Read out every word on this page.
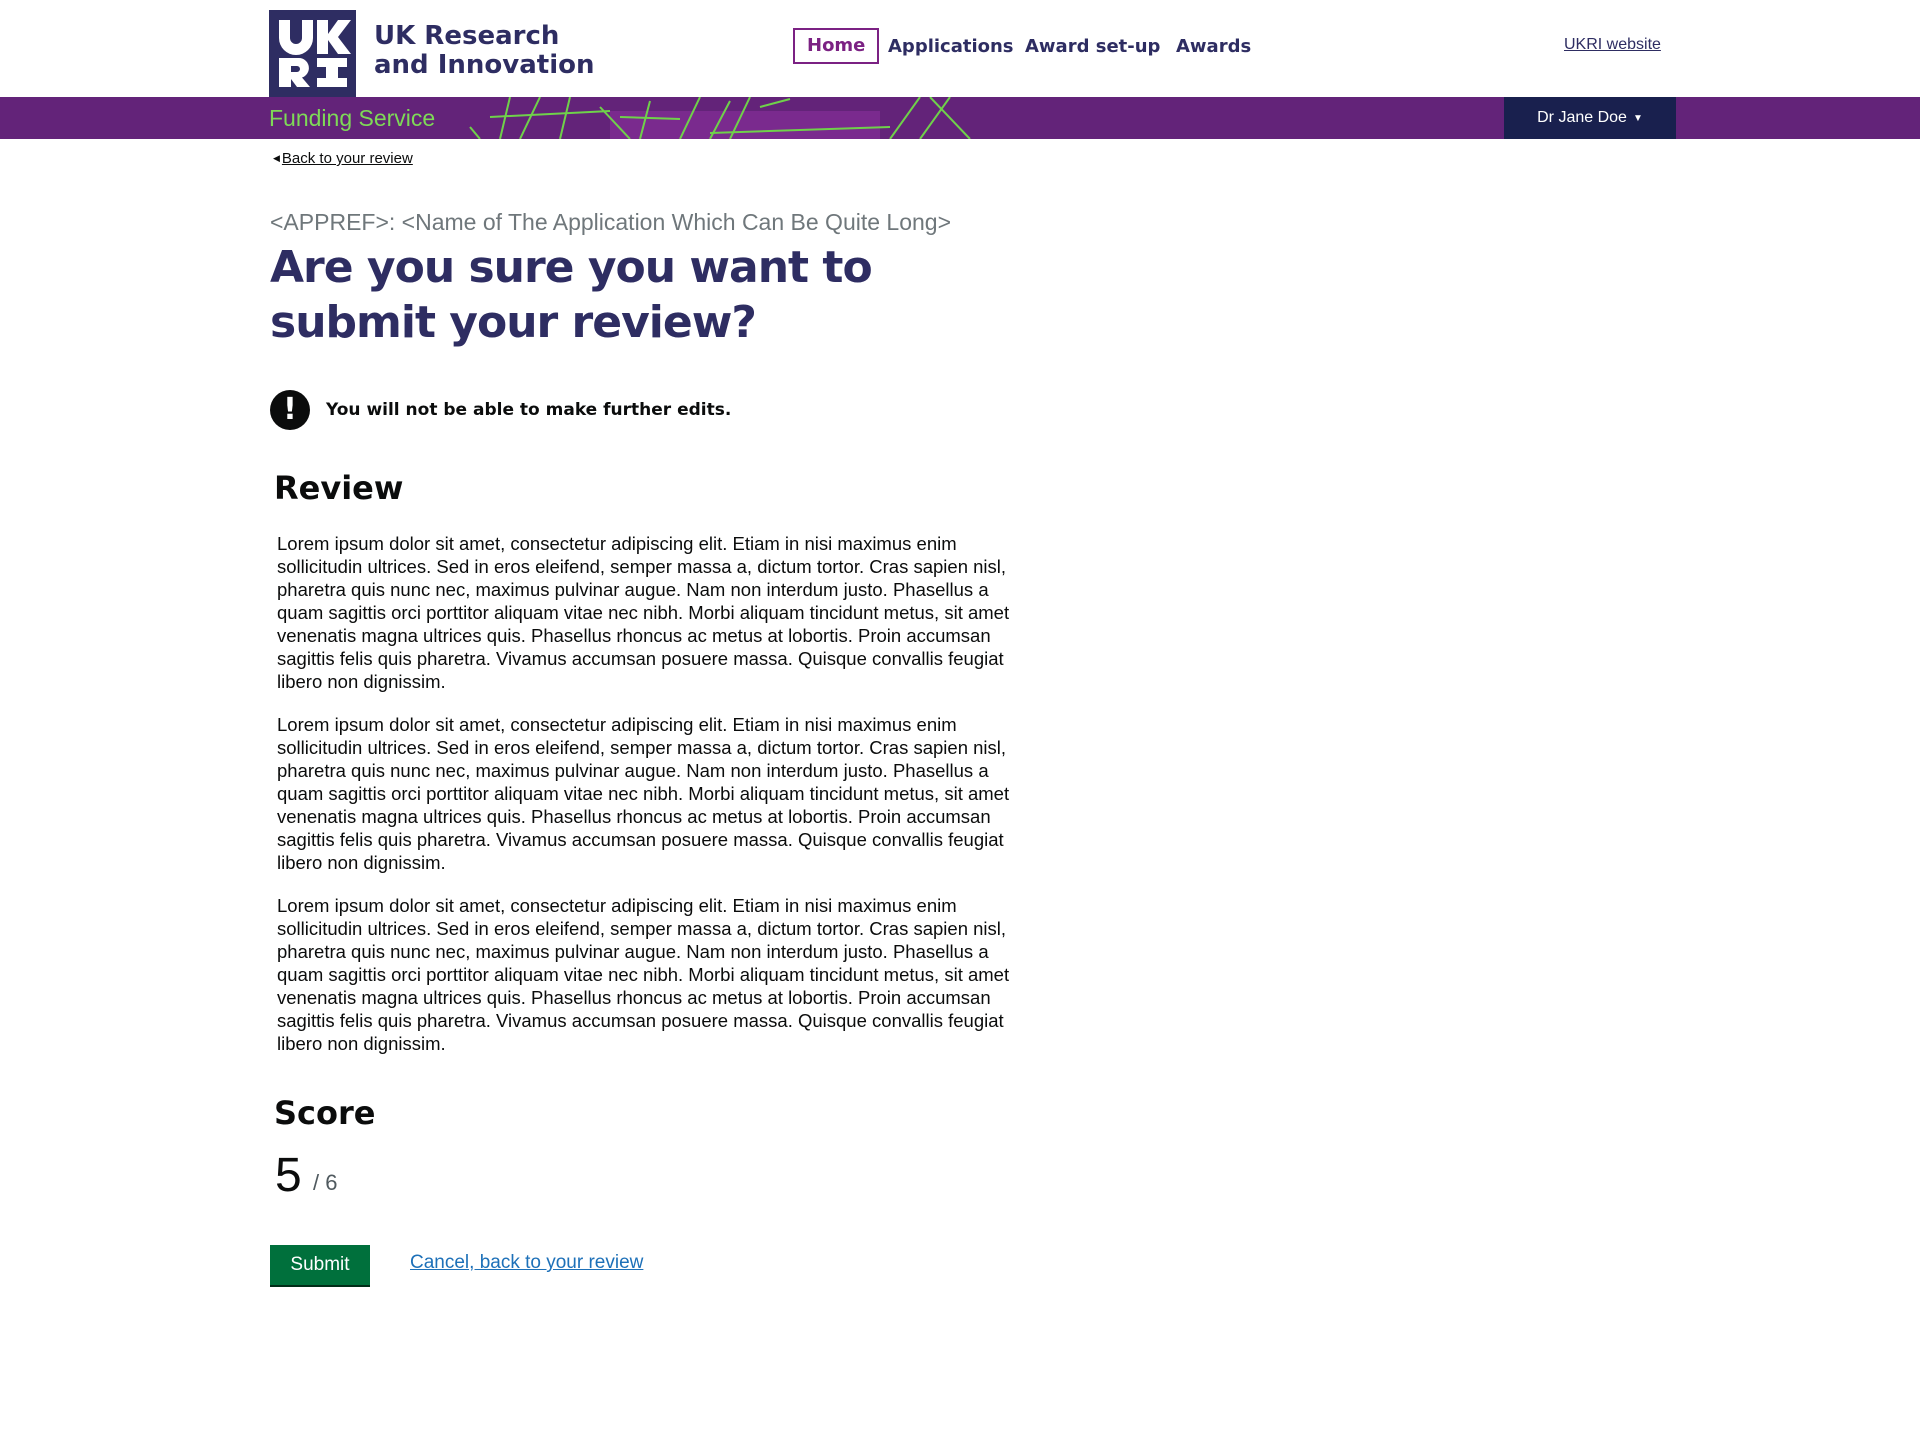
UK Research
and Innovation
Home	Applications Award set-up Awards	UKRI website
Funding Service	Dr Jane Doe ▼
◀ Back to your review
<APPREF>: <Name of The Application Which Can Be Quite Long>
Are you sure you want to submit your review?
!	You will not be able to make further edits.
Review

Lorem ipsum dolor sit amet, consectetur adipiscing elit. Etiam in nisi maximus enim sollicitudin ultrices. Sed in eros eleifend, semper massa a, dictum tortor. Cras sapien nisl, pharetra quis nunc nec, maximus pulvinar augue. Nam non interdum justo. Phasellus a quam sagittis orci porttitor aliquam vitae nec nibh. Morbi aliquam tincidunt metus, sit amet venenatis magna ultrices quis. Phasellus rhoncus ac metus at lobortis. Proin accumsan sagittis felis quis pharetra. Vivamus accumsan posuere massa. Quisque convallis feugiat libero non dignissim.

Lorem ipsum dolor sit amet, consectetur adipiscing elit. Etiam in nisi maximus enim sollicitudin ultrices. Sed in eros eleifend, semper massa a, dictum tortor. Cras sapien nisl, pharetra quis nunc nec, maximus pulvinar augue. Nam non interdum justo. Phasellus a quam sagittis orci porttitor aliquam vitae nec nibh. Morbi aliquam tincidunt metus, sit amet venenatis magna ultrices quis. Phasellus rhoncus ac metus at lobortis. Proin accumsan sagittis felis quis pharetra. Vivamus accumsan posuere massa. Quisque convallis feugiat libero non dignissim.

Lorem ipsum dolor sit amet, consectetur adipiscing elit. Etiam in nisi maximus enim sollicitudin ultrices. Sed in eros eleifend, semper massa a, dictum tortor. Cras sapien nisl, pharetra quis nunc nec, maximus pulvinar augue. Nam non interdum justo. Phasellus a quam sagittis orci porttitor aliquam vitae nec nibh. Morbi aliquam tincidunt metus, sit amet venenatis magna ultrices quis. Phasellus rhoncus ac metus at lobortis. Proin accumsan sagittis felis quis pharetra. Vivamus accumsan posuere massa. Quisque convallis feugiat libero non dignissim.

Score
5 / 6
Submit	Cancel, back to your review
